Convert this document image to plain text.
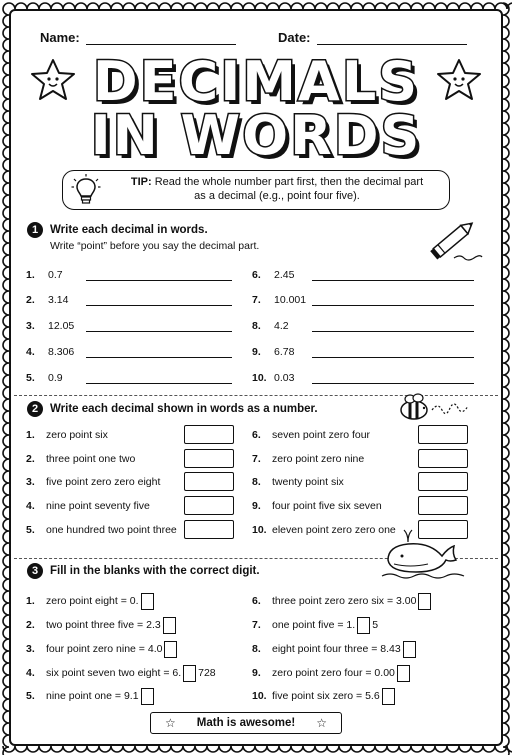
Name:	Date:
DECIMALS
IN WORDS
TIP: Read the whole number part first, then the decimal part
as a decimal (e.g., point four five).
1	Write each decimal in words.
Write “point” before you say the decimal part.
1. 0.7
2. 3.14
3. 12.05
4. 8.306
5. 0.9
6. 2.45
7. 10.001
8. 4.2
9. 6.78
10. 0.03
2	Write each decimal shown in words as a number.
1. zero point six
2. three point one two
3. five point zero zero eight
4. nine point seventy five
5. one hundred two point three
6. seven point zero four
7. zero point zero nine
8. twenty point six
9. four point five six seven
10. eleven point zero zero one
3	Fill in the blanks with the correct digit.
1. zero point eight = 0.
2. two point three five = 2.3
3. four point zero nine = 4.0
4. six point seven two eight = 6. 728
5. nine point one = 9.1
6. three point zero zero six = 3.00
7. one point five = 1. 5
8. eight point four three = 8.43
9. zero point zero four = 0.00
10. five point six zero = 5.6
☆ Math is awesome! ☆
